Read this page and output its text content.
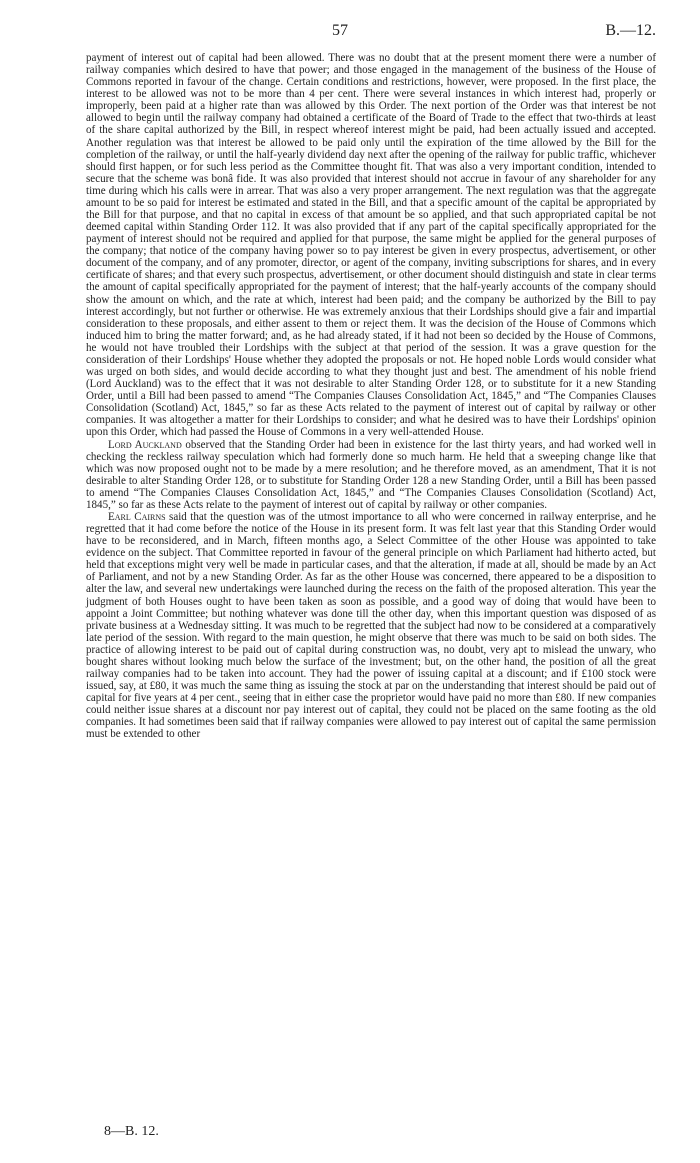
57	B.—12.

payment of interest out of capital had been allowed. There was no doubt that at the present moment there were a number of railway companies which desired to have that power; and those engaged in the management of the business of the House of Commons reported in favour of the change. Certain conditions and restrictions, however, were proposed. In the first place, the interest to be allowed was not to be more than 4 per cent. There were several instances in which interest had, properly or improperly, been paid at a higher rate than was allowed by this Order. The next portion of the Order was that interest be not allowed to begin until the railway company had obtained a certificate of the Board of Trade to the effect that two-thirds at least of the share capital authorized by the Bill, in respect whereof interest might be paid, had been actually issued and accepted. Another regulation was that interest be allowed to be paid only until the expiration of the time allowed by the Bill for the completion of the railway, or until the half-yearly dividend day next after the opening of the railway for public traffic, whichever should first happen, or for such less period as the Committee thought fit. That was also a very important condition, intended to secure that the scheme was bonâ fide. It was also provided that interest should not accrue in favour of any shareholder for any time during which his calls were in arrear. That was also a very proper arrangement. The next regulation was that the aggregate amount to be so paid for interest be estimated and stated in the Bill, and that a specific amount of the capital be appropriated by the Bill for that purpose, and that no capital in excess of that amount be so applied, and that such appropriated capital be not deemed capital within Standing Order 112. It was also provided that if any part of the capital specifically appropriated for the payment of interest should not be required and applied for that purpose, the same might be applied for the general purposes of the company; that notice of the company having power so to pay interest be given in every prospectus, advertisement, or other document of the company, and of any promoter, director, or agent of the company, inviting subscriptions for shares, and in every certificate of shares; and that every such prospectus, advertisement, or other document should distinguish and state in clear terms the amount of capital specifically appropriated for the payment of interest; that the half-yearly accounts of the company should show the amount on which, and the rate at which, interest had been paid; and the company be authorized by the Bill to pay interest accordingly, but not further or otherwise. He was extremely anxious that their Lordships should give a fair and impartial consideration to these proposals, and either assent to them or reject them. It was the decision of the House of Commons which induced him to bring the matter forward; and, as he had already stated, if it had not been so decided by the House of Commons, he would not have troubled their Lordships with the subject at that period of the session. It was a grave question for the consideration of their Lordships' House whether they adopted the proposals or not. He hoped noble Lords would consider what was urged on both sides, and would decide according to what they thought just and best. The amendment of his noble friend (Lord Auckland) was to the effect that it was not desirable to alter Standing Order 128, or to substitute for it a new Standing Order, until a Bill had been passed to amend “The Companies Clauses Consolidation Act, 1845,” and “The Companies Clauses Consolidation (Scotland) Act, 1845,” so far as these Acts related to the payment of interest out of capital by railway or other companies. It was altogether a matter for their Lordships to consider; and what he desired was to have their Lordships' opinion upon this Order, which had passed the House of Commons in a very well-attended House.

Lord Auckland observed that the Standing Order had been in existence for the last thirty years, and had worked well in checking the reckless railway speculation which had formerly done so much harm. He held that a sweeping change like that which was now proposed ought not to be made by a mere resolution; and he therefore moved, as an amendment, That it is not desirable to alter Standing Order 128, or to substitute for Standing Order 128 a new Standing Order, until a Bill has been passed to amend “The Companies Clauses Consolidation Act, 1845,” and “The Companies Clauses Consolidation (Scotland) Act, 1845,” so far as these Acts relate to the payment of interest out of capital by railway or other companies.

Earl Cairns said that the question was of the utmost importance to all who were concerned in railway enterprise, and he regretted that it had come before the notice of the House in its present form. It was felt last year that this Standing Order would have to be reconsidered, and in March, fifteen months ago, a Select Committee of the other House was appointed to take evidence on the subject. That Committee reported in favour of the general principle on which Parliament had hitherto acted, but held that exceptions might very well be made in particular cases, and that the alteration, if made at all, should be made by an Act of Parliament, and not by a new Standing Order. As far as the other House was concerned, there appeared to be a disposition to alter the law, and several new undertakings were launched during the recess on the faith of the proposed alteration. This year the judgment of both Houses ought to have been taken as soon as possible, and a good way of doing that would have been to appoint a Joint Committee; but nothing whatever was done till the other day, when this important question was disposed of as private business at a Wednesday sitting. It was much to be regretted that the subject had now to be considered at a comparatively late period of the session. With regard to the main question, he might observe that there was much to be said on both sides. The practice of allowing interest to be paid out of capital during construction was, no doubt, very apt to mislead the unwary, who bought shares without looking much below the surface of the investment; but, on the other hand, the position of all the great railway companies had to be taken into account. They had the power of issuing capital at a discount; and if £100 stock were issued, say, at £80, it was much the same thing as issuing the stock at par on the understanding that interest should be paid out of capital for five years at 4 per cent., seeing that in either case the proprietor would have paid no more than £80. If new companies could neither issue shares at a discount nor pay interest out of capital, they could not be placed on the same footing as the old companies. It had sometimes been said that if railway companies were allowed to pay interest out of capital the same permission must be extended to other

8—B. 12.
